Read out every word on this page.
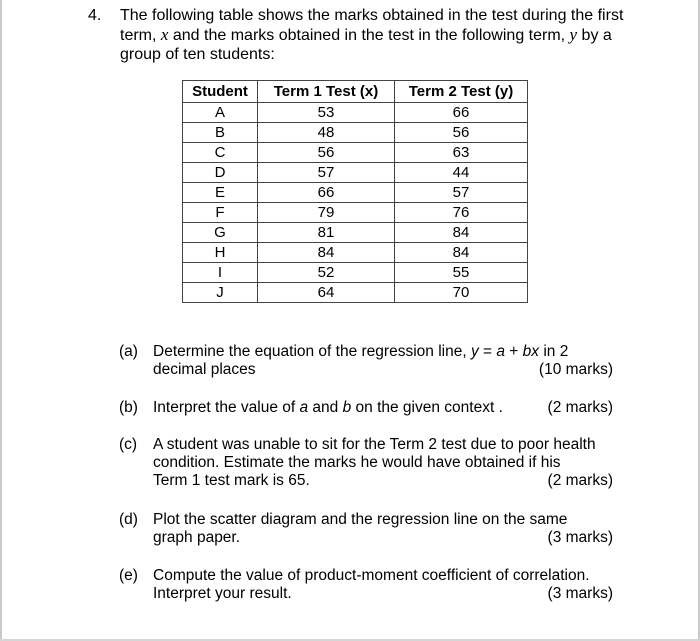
4. The following table shows the marks obtained in the test during the first term, x and the marks obtained in the test in the following term, y by a group of ten students:
Student	Term 1 Test (x)	Term 2 Test (y)
A	53	66
B	48	56
C	56	63
D	57	44
E	66	57
F	79	76
G	81	84
H	84	84
I	52	55
J	64	70
(a) Determine the equation of the regression line, y = a + bx in 2
decimal places	(10 marks)
(b) Interpret the value of a and b on the given context .	(2 marks)
(c) A student was unable to sit for the Term 2 test due to poor health
condition. Estimate the marks he would have obtained if his
Term 1 test mark is 65.	(2 marks)
(d) Plot the scatter diagram and the regression line on the same
graph paper.	(3 marks)
(e) Compute the value of product-moment coefficient of correlation.
Interpret your result.	(3 marks)
